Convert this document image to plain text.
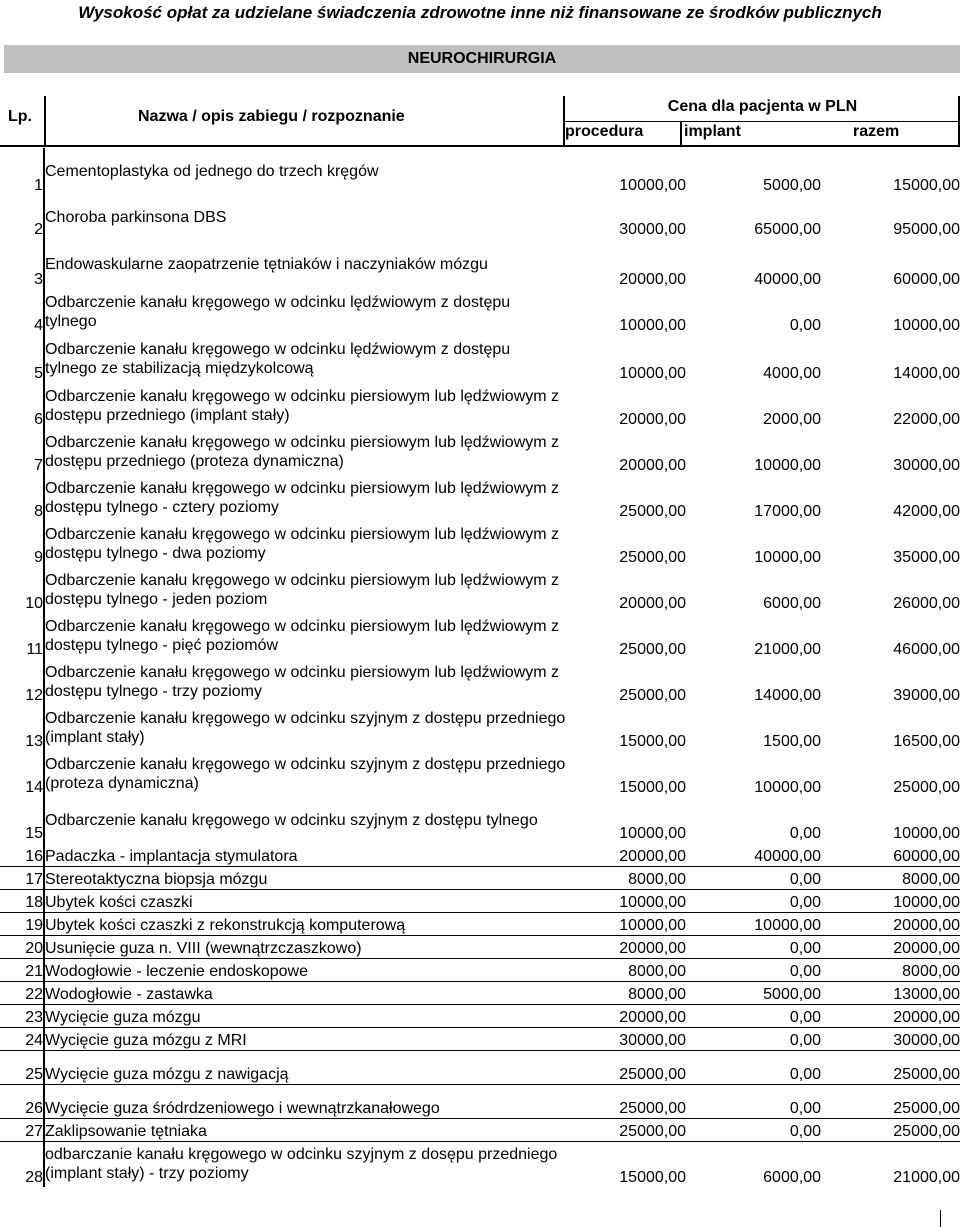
Wysokość opłat za udzielane świadczenia zdrowotne inne niż finansowane ze środków publicznych
NEUROCHIRURGIA
Lp.	Nazwa / opis zabiegu / rozpoznanie
Cena dla pacjenta w PLN
procedura	implant	razem
1	Cementoplastyka od jednego do trzech kręgów	10000,00	5000,00	15000,00
2	Choroba parkinsona DBS	30000,00	65000,00	95000,00
3	Endowaskularne zaopatrzenie tętniaków i naczyniaków mózgu	20000,00	40000,00	60000,00
4	Odbarczenie kanału kręgowego w odcinku lędźwiowym z dostępu tylnego	10000,00	0,00	10000,00
5	Odbarczenie kanału kręgowego w odcinku lędźwiowym z dostępu tylnego ze stabilizacją międzykolcową	10000,00	4000,00	14000,00
6	Odbarczenie kanału kręgowego w odcinku piersiowym lub lędźwiowym z dostępu przedniego (implant stały)	20000,00	2000,00	22000,00
7	Odbarczenie kanału kręgowego w odcinku piersiowym lub lędźwiowym z dostępu przedniego (proteza dynamiczna)	20000,00	10000,00	30000,00
8	Odbarczenie kanału kręgowego w odcinku piersiowym lub lędźwiowym z dostępu tylnego - cztery poziomy	25000,00	17000,00	42000,00
9	Odbarczenie kanału kręgowego w odcinku piersiowym lub lędźwiowym z dostępu tylnego - dwa poziomy	25000,00	10000,00	35000,00
10	Odbarczenie kanału kręgowego w odcinku piersiowym lub lędźwiowym z dostępu tylnego - jeden poziom	20000,00	6000,00	26000,00
11	Odbarczenie kanału kręgowego w odcinku piersiowym lub lędźwiowym z dostępu tylnego - pięć poziomów	25000,00	21000,00	46000,00
12	Odbarczenie kanału kręgowego w odcinku piersiowym lub lędźwiowym z dostępu tylnego - trzy poziomy	25000,00	14000,00	39000,00
13	Odbarczenie kanału kręgowego w odcinku szyjnym z dostępu przedniego (implant stały)	15000,00	1500,00	16500,00
14	Odbarczenie kanału kręgowego w odcinku szyjnym z dostępu przedniego (proteza dynamiczna)	15000,00	10000,00	25000,00
15	Odbarczenie kanału kręgowego w odcinku szyjnym z dostępu tylnego	10000,00	0,00	10000,00
16	Padaczka - implantacja stymulatora	20000,00	40000,00	60000,00
17	Stereotaktyczna biopsja mózgu	8000,00	0,00	8000,00
18	Ubytek kości czaszki	10000,00	0,00	10000,00
19	Ubytek kości czaszki z rekonstrukcją komputerową	10000,00	10000,00	20000,00
20	Usunięcie guza n. VIII (wewnątrzczaszkowo)	20000,00	0,00	20000,00
21	Wodogłowie - leczenie endoskopowe	8000,00	0,00	8000,00
22	Wodogłowie - zastawka	8000,00	5000,00	13000,00
23	Wycięcie guza mózgu	20000,00	0,00	20000,00
24	Wycięcie guza mózgu z MRI	30000,00	0,00	30000,00
25	Wycięcie guza mózgu z nawigacją	25000,00	0,00	25000,00
26	Wycięcie guza śródrdzeniowego i wewnątrzkanałowego	25000,00	0,00	25000,00
27	Zaklipsowanie tętniaka	25000,00	0,00	25000,00
28	odbarczanie kanału kręgowego w odcinku szyjnym z dosępu przedniego (implant stały) - trzy poziomy	15000,00	6000,00	21000,00
